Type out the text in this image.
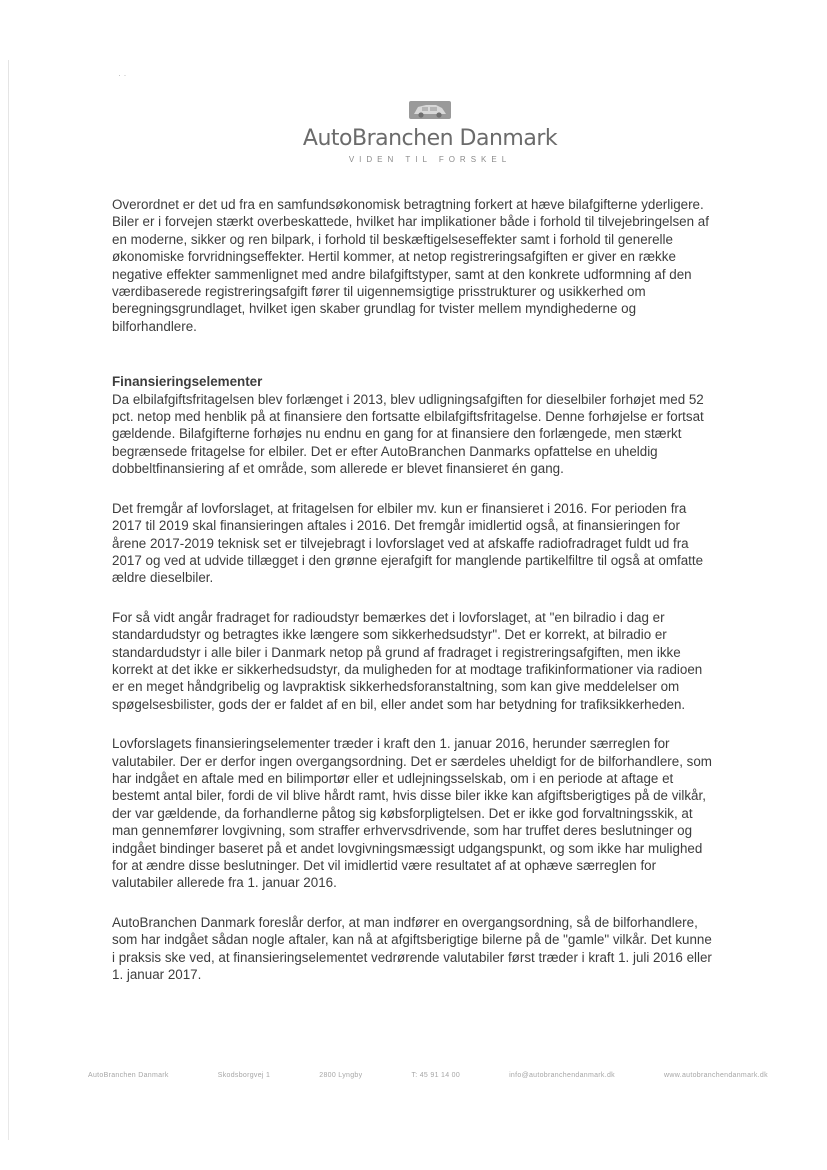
· ·
AutoBranchen Danmark
VIDEN TIL FORSKEL

Overordnet er det ud fra en samfundsøkonomisk betragtning forkert at hæve bilafgifterne yderligere. Biler er i forvejen stærkt overbeskattede, hvilket har implikationer både i forhold til tilvejebringelsen af en moderne, sikker og ren bilpark, i forhold til beskæftigelseseffekter samt i forhold til generelle økonomiske forvridningseffekter. Hertil kommer, at netop registreringsafgiften er giver en række negative effekter sammenlignet med andre bilafgiftstyper, samt at den konkrete udformning af den værdibaserede registreringsafgift fører til uigennemsigtige prisstrukturer og usikkerhed om beregningsgrundlaget, hvilket igen skaber grundlag for tvister mellem myndighederne og bilforhandlere.

Finansieringselementer

Da elbilafgiftsfritagelsen blev forlænget i 2013, blev udligningsafgiften for dieselbiler forhøjet med 52 pct. netop med henblik på at finansiere den fortsatte elbilafgiftsfritagelse. Denne forhøjelse er fortsat gældende. Bilafgifterne forhøjes nu endnu en gang for at finansiere den forlængede, men stærkt begrænsede fritagelse for elbiler. Det er efter AutoBranchen Danmarks opfattelse en uheldig dobbeltfinansiering af et område, som allerede er blevet finansieret én gang.

Det fremgår af lovforslaget, at fritagelsen for elbiler mv. kun er finansieret i 2016. For perioden fra 2017 til 2019 skal finansieringen aftales i 2016. Det fremgår imidlertid også, at finansieringen for årene 2017-2019 teknisk set er tilvejebragt i lovforslaget ved at afskaffe radiofradraget fuldt ud fra 2017 og ved at udvide tillægget i den grønne ejerafgift for manglende partikelfiltre til også at omfatte ældre dieselbiler.

For så vidt angår fradraget for radioudstyr bemærkes det i lovforslaget, at "en bilradio i dag er standardudstyr og betragtes ikke længere som sikkerhedsudstyr". Det er korrekt, at bilradio er standardudstyr i alle biler i Danmark netop på grund af fradraget i registreringsafgiften, men ikke korrekt at det ikke er sikkerhedsudstyr, da muligheden for at modtage trafikinformationer via radioen er en meget håndgribelig og lavpraktisk sikkerhedsforanstaltning, som kan give meddelelser om spøgelsesbilister, gods der er faldet af en bil, eller andet som har betydning for trafiksikkerheden.

Lovforslagets finansieringselementer træder i kraft den 1. januar 2016, herunder særreglen for valutabiler. Der er derfor ingen overgangsordning. Det er særdeles uheldigt for de bilforhandlere, som har indgået en aftale med en bilimportør eller et udlejningsselskab, om i en periode at aftage et bestemt antal biler, fordi de vil blive hårdt ramt, hvis disse biler ikke kan afgiftsberigtiges på de vilkår, der var gældende, da forhandlerne påtog sig købsforpligtelsen. Det er ikke god forvaltningsskik, at man gennemfører lovgivning, som straffer erhvervsdrivende, som har truffet deres beslutninger og indgået bindinger baseret på et andet lovgivningsmæssigt udgangspunkt, og som ikke har mulighed for at ændre disse beslutninger. Det vil imidlertid være resultatet af at ophæve særreglen for valutabiler allerede fra 1. januar 2016.

AutoBranchen Danmark foreslår derfor, at man indfører en overgangsordning, så de bilforhandlere, som har indgået sådan nogle aftaler, kan nå at afgiftsberigtige bilerne på de "gamle" vilkår. Det kunne i praksis ske ved, at finansieringselementet vedrørende valutabiler først træder i kraft 1. juli 2016 eller 1. januar 2017.

AutoBranchen Danmark	Skodsborgvej 1	2800 Lyngby	T: 45 91 14 00	info@autobranchendanmark.dk	www.autobranchendanmark.dk
